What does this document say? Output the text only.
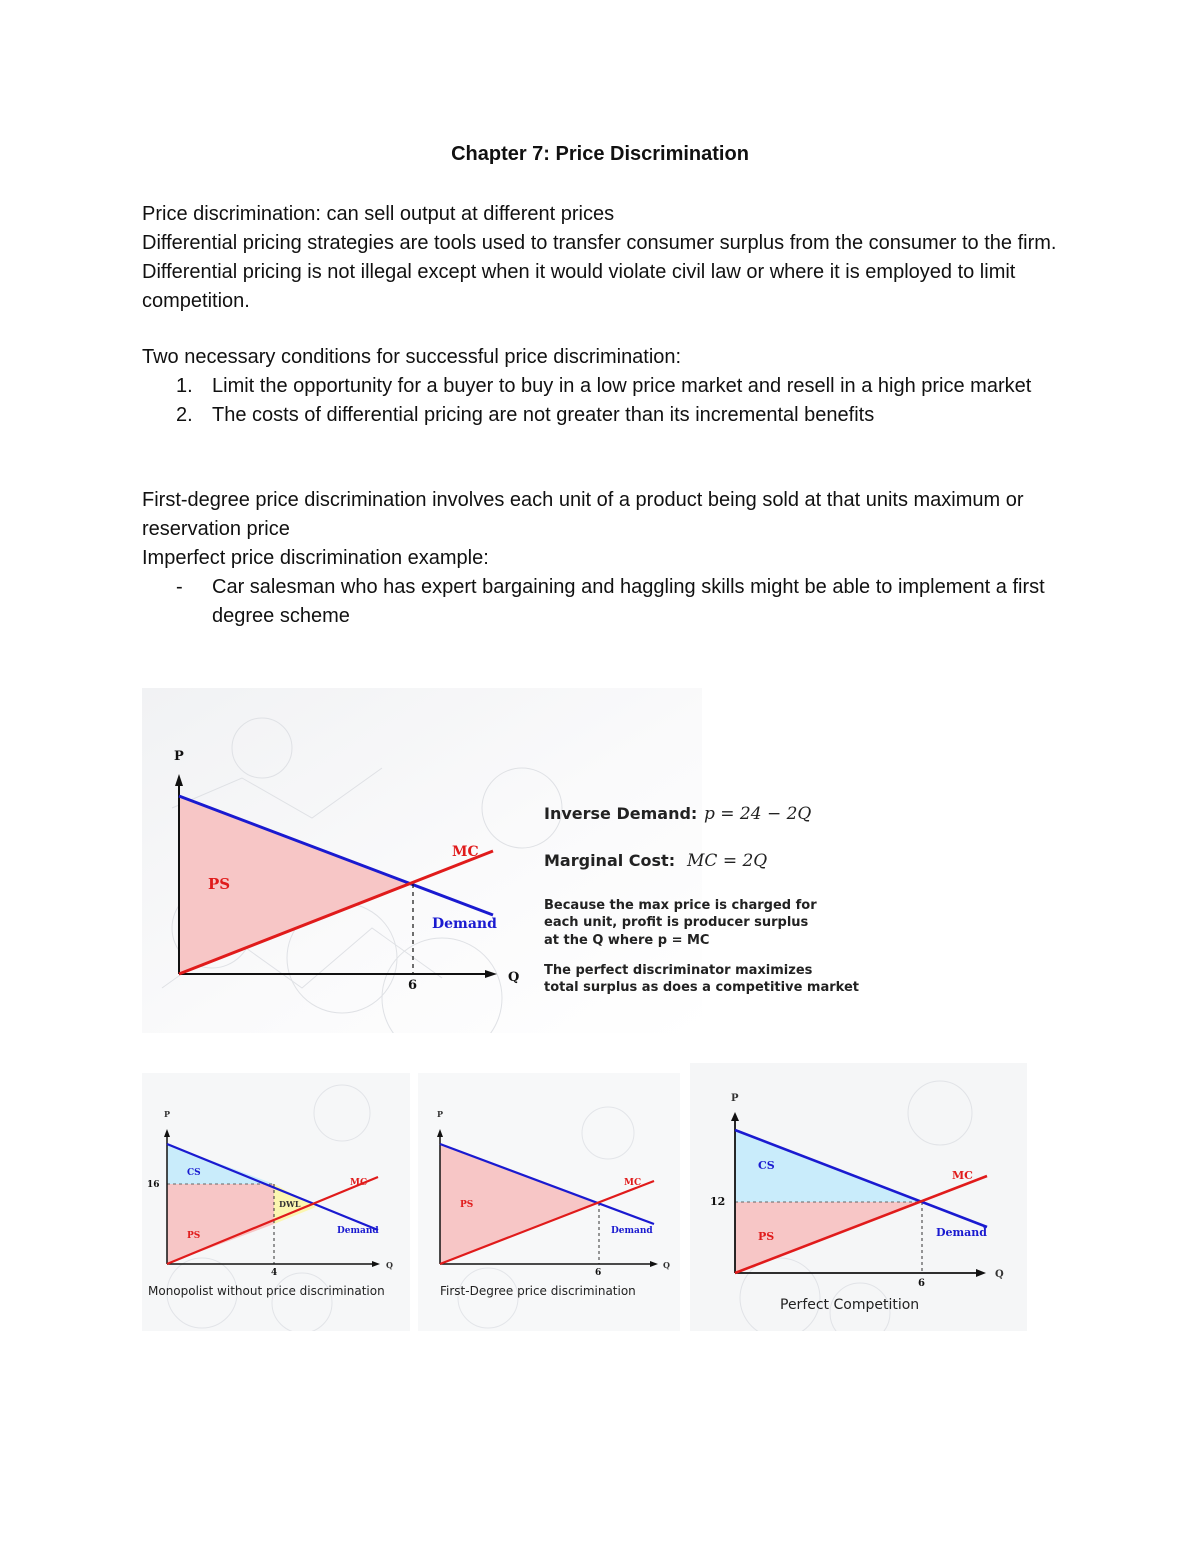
Chapter 7: Price Discrimination

Price discrimination: can sell output at different prices

Differential pricing strategies are tools used to transfer consumer surplus from the consumer to the firm. Differential pricing is not illegal except when it would violate civil law or where it is employed to limit competition.

Two necessary conditions for successful price discrimination:

1. Limit the opportunity for a buyer to buy in a low price market and resell in a high price market
2. The costs of differential pricing are not greater than its incremental benefits

First-degree price discrimination involves each unit of a product being sold at that units maximum or reservation price

Imperfect price discrimination example:

- Car salesman who has expert bargaining and haggling skills might be able to implement a first degree scheme
P
Q
PS
MC
Demand
6
Inverse Demand: p = 24 − 2Q
Marginal Cost: MC = 2Q
Because the max price is charged for
each unit, profit is producer surplus
at the Q where p = MC
The perfect discriminator maximizes
total surplus as does a competitive market
P
Q
16
4
CS
PS
DWL
MC
Demand
Monopolist without price discrimination
P
Q
6
PS
MC
Demand
First-Degree price discrimination
P
Q
12
6
CS
PS
MC
Demand
Perfect Competition
